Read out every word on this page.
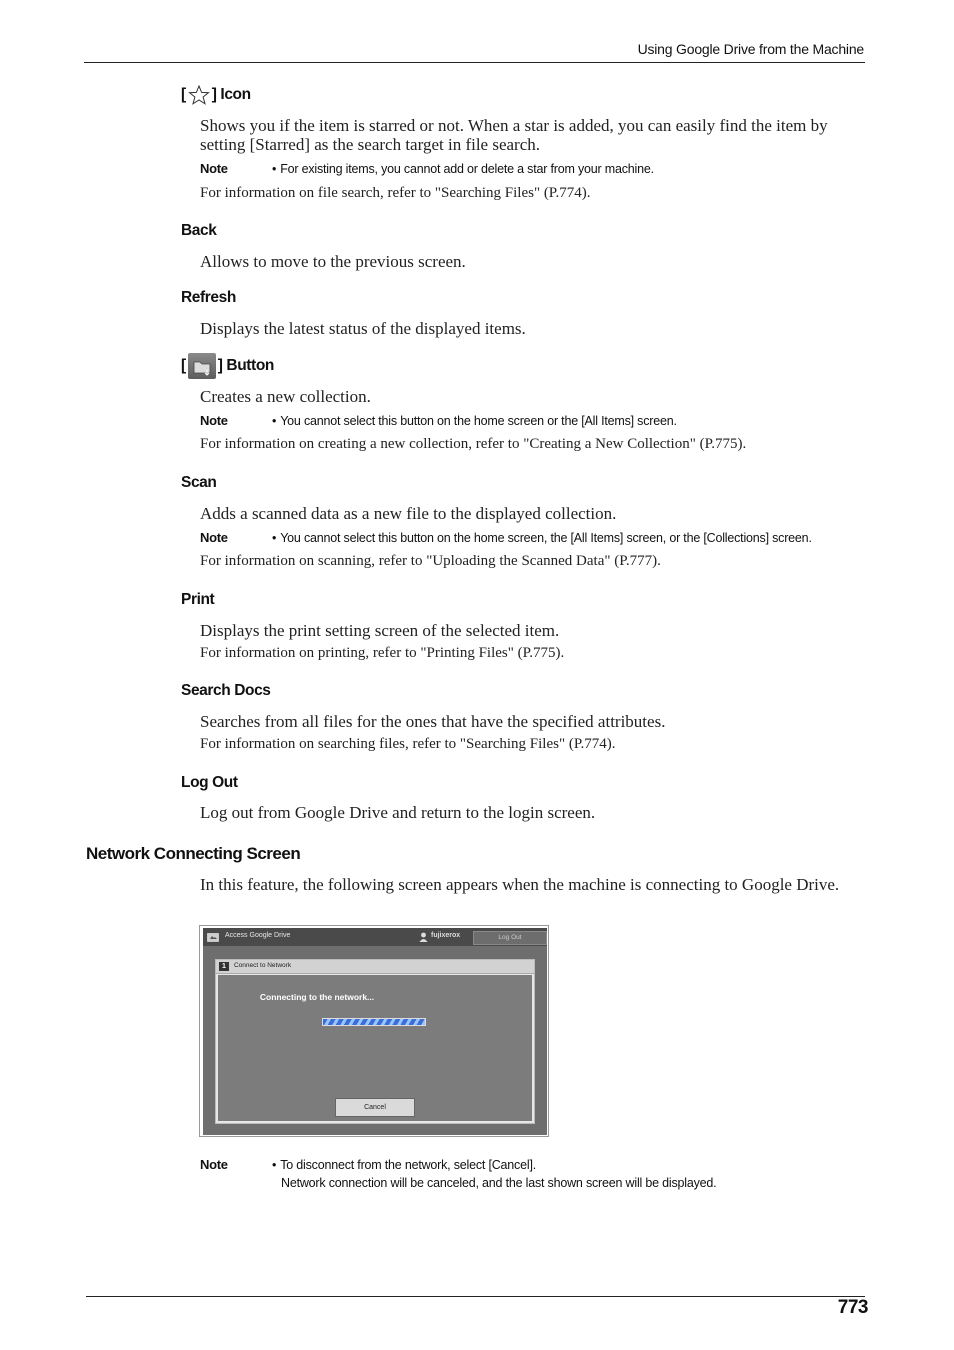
Using Google Drive from the Machine
[ ] Icon
Shows you if the item is starred or not. When a star is added, you can easily find the item by setting [Starred] as the search target in file search.
Note	• For existing items, you cannot add or delete a star from your machine.
For information on file search, refer to "Searching Files" (P.774).
Back
Allows to move to the previous screen.
Refresh
Displays the latest status of the displayed items.
[ ] Button
Creates a new collection.
Note	• You cannot select this button on the home screen or the [All Items] screen.
For information on creating a new collection, refer to "Creating a New Collection" (P.775).
Scan
Adds a scanned data as a new file to the displayed collection.
Note	• You cannot select this button on the home screen, the [All Items] screen, or the [Collections] screen.
For information on scanning, refer to "Uploading the Scanned Data" (P.777).
Print
Displays the print setting screen of the selected item.
For information on printing, refer to "Printing Files" (P.775).
Search Docs
Searches from all files for the ones that have the specified attributes.
For information on searching files, refer to "Searching Files" (P.774).
Log Out
Log out from Google Drive and return to the login screen.
Network Connecting Screen
In this feature, the following screen appears when the machine is connecting to Google Drive.
Access Google Drive	fujixerox	Log Out
1	Connect to Network
Connecting to the network...
Cancel
Note	• To disconnect from the network, select [Cancel].
Network connection will be canceled, and the last shown screen will be displayed.
773
